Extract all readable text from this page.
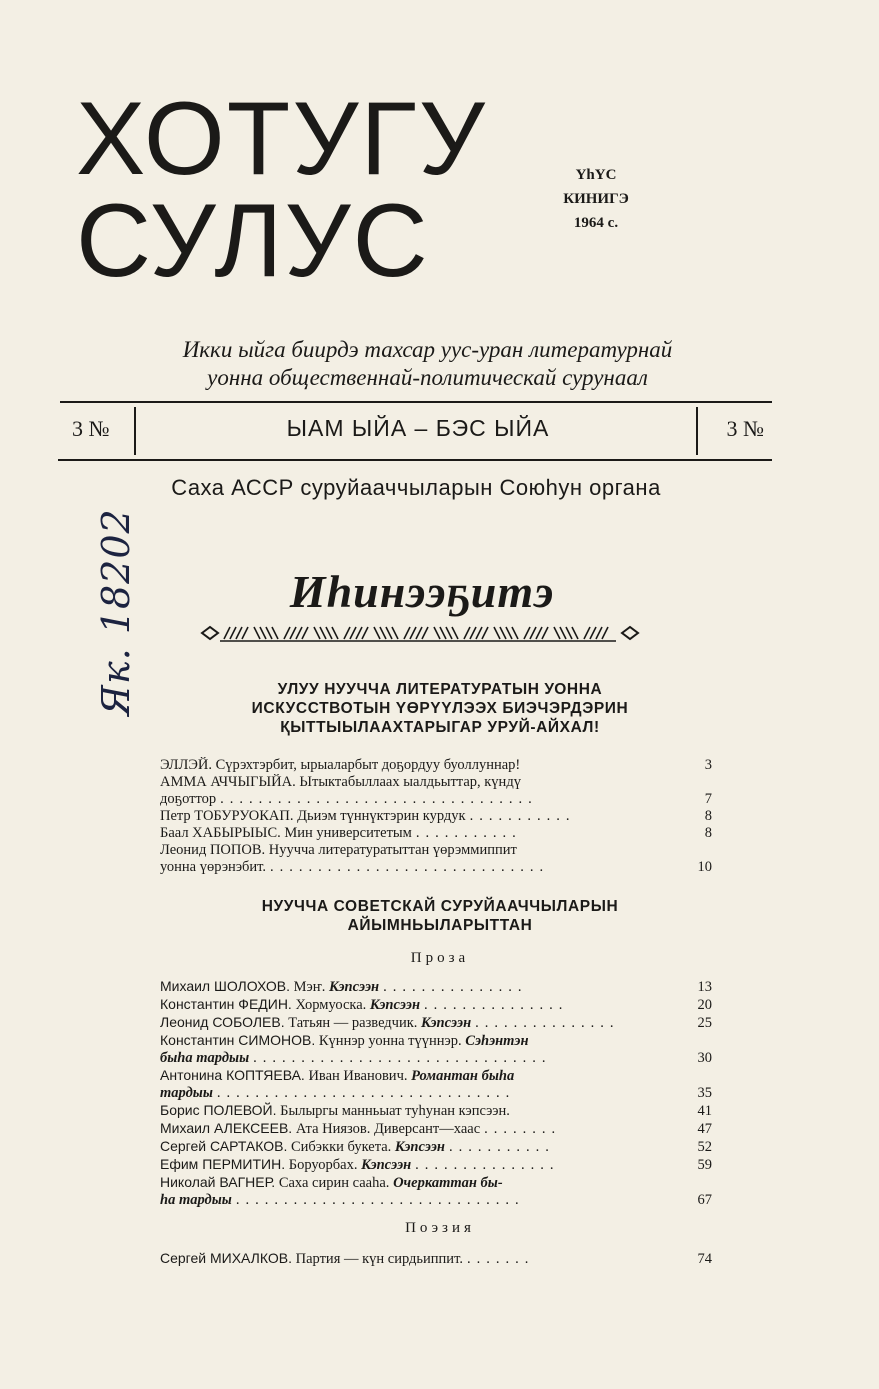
ХОТУГУ
СУЛУС
YhYC
КИНИГЭ
1964 с.
Икки ыйга биирдэ тахсар уус-уран литературнай
уонна общественнай-политическай сурунаал
3 №	ЫАМ ЫЙА – БЭС ЫЙА	3 №
Саха АССР суруйааччыларын Союһун органа
Як. 18202	Иһинээҕитэ
УЛУУ НУУЧЧА ЛИТЕРАТУРАТЫН УОННА
ИСКУССТВОТЫН YӨРYYЛЭЭХ БИЭЧЭРДЭРИН
ҚЫТТЫЫЛААХТАРЫГАР УРУЙ-АЙХАЛ!
ЭЛЛЭЙ. Сүрэхтэрбит, ырыаларбыт доҕордуу буоллуннар!	3
АММА АЧЧЫГЫЙА. Ытыктабыллаах ыалдьыттар, күндү
доҕоттор .................................	7
Петр ТОБУРУОКАП. Дьиэм түннүктэрин курдук ...........	8
Баал ХАБЫРЫЫС. Мин университетым ...........	8
Леонид ПОПОВ. Нуучча литературатыттан үөрэммиппит
уонна үөрэнэбит. .............................	10
НУУЧЧА СОВЕТСКАЙ СУРУЙААЧЧЫЛАРЫН
АЙЫМНЬЫЛАРЫТТАН
Проза
Михаил ШОЛОХОВ. Мэҥ. Кэпсээн ...............	13
Константин ФЕДИН. Хормуоска. Кэпсээн ...............	20
Леонид СОБОЛЕВ. Татьян — разведчик. Кэпсээн ...............	25
Константин СИМОНОВ. Күннэр уонна түүннэр. Сэһэнтэн
быһа тардыы ...............................	30
Антонина КОПТЯЕВА. Иван Иванович. Романтан быһа
тардыы ...............................	35
Борис ПОЛЕВОЙ. Былыргы манньыат туһунан кэпсээн.	41
Михаил АЛЕКСЕЕВ. Ата Ниязов. Диверсант—хаас ........	47
Сергей САРТАКОВ. Сибэкки букета. Кэпсээн ...........	52
Ефим ПЕРМИТИН. Боруорбах. Кэпсээн ...............	59
Николай ВАГНЕР. Саха сирин сааһа. Очеркаттан бы-
һа тардыы ..............................	67
Поэзия
Сергей МИХАЛКОВ. Партия — күн сирдьиппит. .......	74
